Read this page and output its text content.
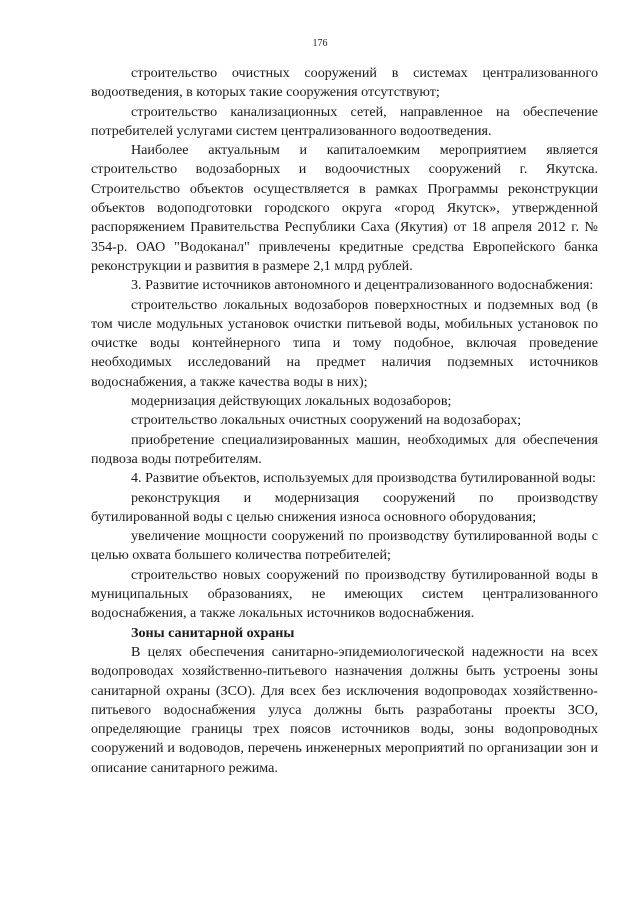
176

строительство очистных сооружений в системах централизованного водоотведения, в которых такие сооружения отсутствуют;

строительство канализационных сетей, направленное на обеспечение потребителей услугами систем централизованного водоотведения.

Наиболее актуальным и капиталоемким мероприятием является строительство водозаборных и водоочистных сооружений г. Якутска. Строительство объектов осуществляется в рамках Программы реконструкции объектов водоподготовки городского округа «город Якутск», утвержденной распоряжением Правительства Республики Саха (Якутия) от 18 апреля 2012 г. № 354-р. ОАО "Водоканал" привлечены кредитные средства Европейского банка реконструкции и развития в размере 2,1 млрд рублей.

3. Развитие источников автономного и децентрализованного водоснабжения:

строительство локальных водозаборов поверхностных и подземных вод (в том числе модульных установок очистки питьевой воды, мобильных установок по очистке воды контейнерного типа и тому подобное, включая проведение необходимых исследований на предмет наличия подземных источников водоснабжения, а также качества воды в них);

модернизация действующих локальных водозаборов;

строительство локальных очистных сооружений на водозаборах;

приобретение специализированных машин, необходимых для обеспечения подвоза воды потребителям.

4. Развитие объектов, используемых для производства бутилированной воды:

реконструкция и модернизация сооружений по производству бутилированной воды с целью снижения износа основного оборудования;

увеличение мощности сооружений по производству бутилированной воды с целью охвата большего количества потребителей;

строительство новых сооружений по производству бутилированной воды в муниципальных образованиях, не имеющих систем централизованного водоснабжения, а также локальных источников водоснабжения.

Зоны санитарной охраны

В целях обеспечения санитарно-эпидемиологической надежности на всех водопроводах хозяйственно-питьевого назначения должны быть устроены зоны санитарной охраны (ЗСО). Для всех без исключения водопроводах хозяйственно-питьевого водоснабжения улуса должны быть разработаны проекты ЗСО, определяющие границы трех поясов источников воды, зоны водопроводных сооружений и водоводов, перечень инженерных мероприятий по организации зон и описание санитарного режима.
